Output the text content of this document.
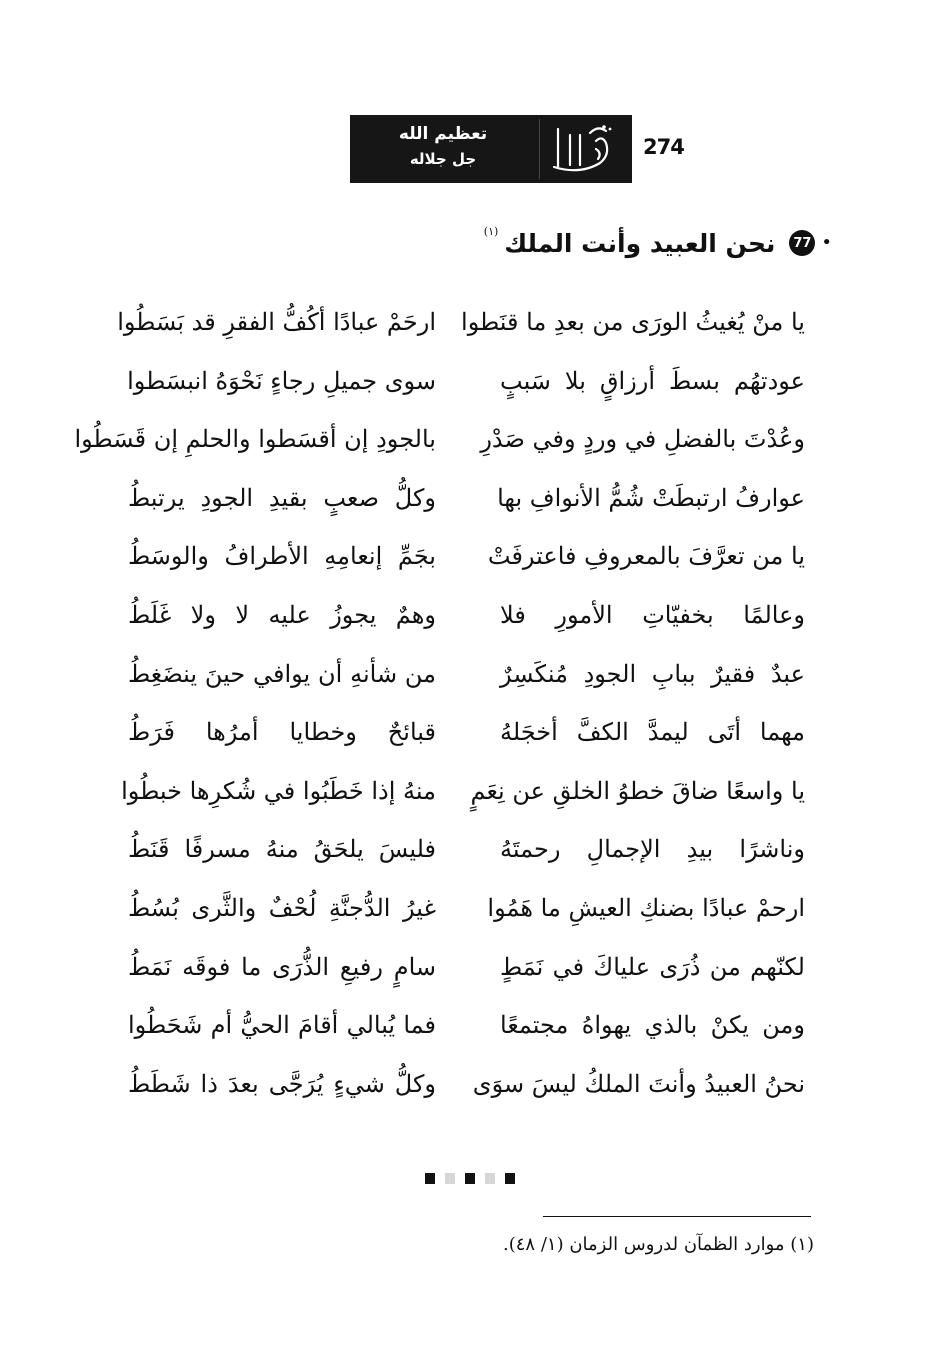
274
تعظيم الله
جل جلاله
•
77
نحن العبيد وأنت الملك
(١)
يا منْ يُغيثُ الورَى من بعدِ ما قنَطوا
عودتهُم بسطَ أرزاقٍ بلا سَببٍ
وعُدْتَ بالفضلِ في وردٍ وفي صَدْرِ
عوارفُ ارتبطَتْ شُمُّ الأنوافِ بها
يا من تعرَّفَ بالمعروفِ فاعترفَتْ
وعالمًا بخفيّاتِ الأمورِ فلا
عبدٌ فقيرٌ ببابِ الجودِ مُنكَسِرٌ
مهما أتَى ليمدَّ الكفَّ أخجَلهُ
يا واسعًا ضاقَ خطوُ الخلقِ عن نِعَمٍ
وناشرًا بيدِ الإجمالِ رحمتَهُ
ارحمْ عبادًا بضنكِ العيشِ ما هَمُوا
لكنّهم من ذُرَى علياكَ في نَمَطٍ
ومن يكنْ بالذي يهواهُ مجتمعًا
نحنُ العبيدُ وأنتَ الملكُ ليسَ سوَى
ارحَمْ عبادًا أكُفُّ الفقرِ قد بَسَطُوا
سوى جميلِ رجاءٍ نَحْوَهُ انبسَطوا
بالجودِ إن أقسَطوا والحلمِ إن قَسَطُوا
وكلُّ صعبٍ بقيدِ الجودِ يرتبطُ
بجَمِّ إنعامِهِ الأطرافُ والوسَطُ
وهمٌ يجوزُ عليه لا ولا غَلَطُ
من شأنهِ أن يوافي حينَ ينضَغِطُ
قبائحٌ وخطايا أمرُها فَرَطُ
منهُ إذا خَطَبُوا في شُكرِها خبطُوا
فليسَ يلحَقُ منهُ مسرفًا قَنَطُ
غيرُ الدُّجنَّةِ لُحْفٌ والثَّرى بُسُطُ
سامٍ رفيعِ الذُّرَى ما فوقَه نَمَطُ
فما يُبالي أقامَ الحيُّ أم شَحَطُوا
وكلُّ شيءٍ يُرَجَّى بعدَ ذا شَطَطُ
(١) موارد الظمآن لدروس الزمان (١/ ٤٨).
